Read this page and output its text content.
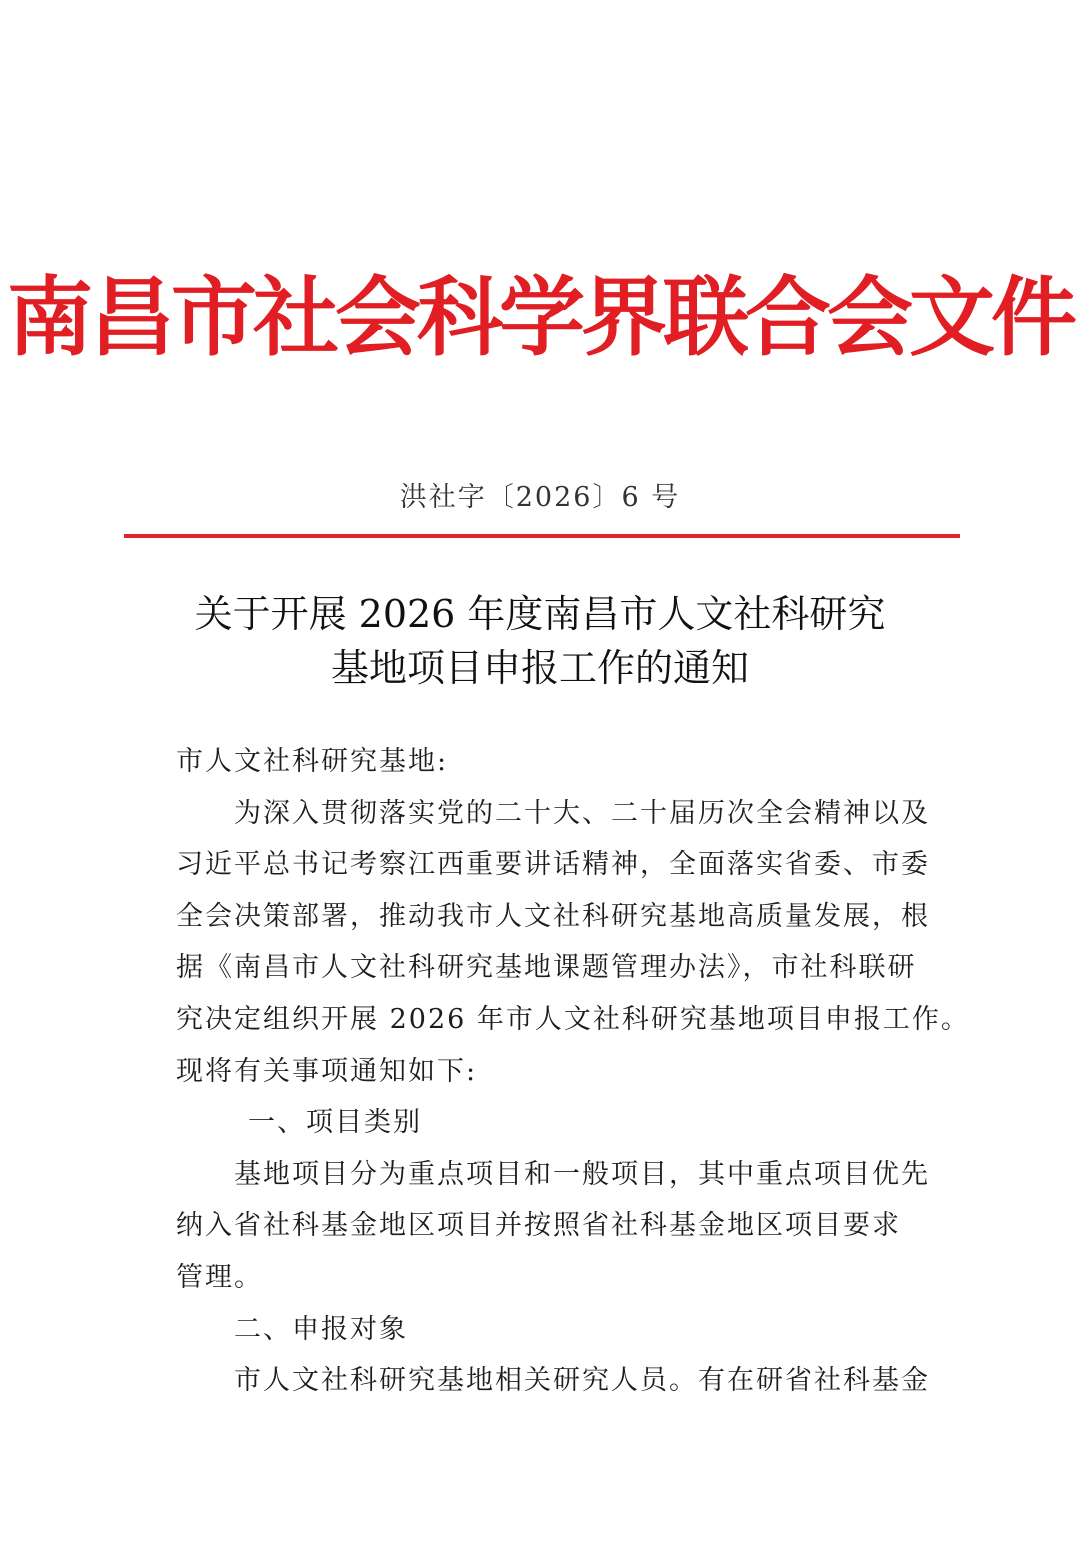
南昌市社会科学界联合会文件
洪社字〔2026〕6 号
关于开展 2026 年度南昌市人文社科研究
基地项目申报工作的通知
市人文社科研究基地:
为深入贯彻落实党的二十大、二十届历次全会精神以及
习近平总书记考察江西重要讲话精神，全面落实省委、市委
全会决策部署，推动我市人文社科研究基地高质量发展，根
据《南昌市人文社科研究基地课题管理办法》，市社科联研
究决定组织开展 2026 年市人文社科研究基地项目申报工作。
现将有关事项通知如下:
一、项目类别
基地项目分为重点项目和一般项目，其中重点项目优先
纳入省社科基金地区项目并按照省社科基金地区项目要求
管理。
二、申报对象
市人文社科研究基地相关研究人员。有在研省社科基金
